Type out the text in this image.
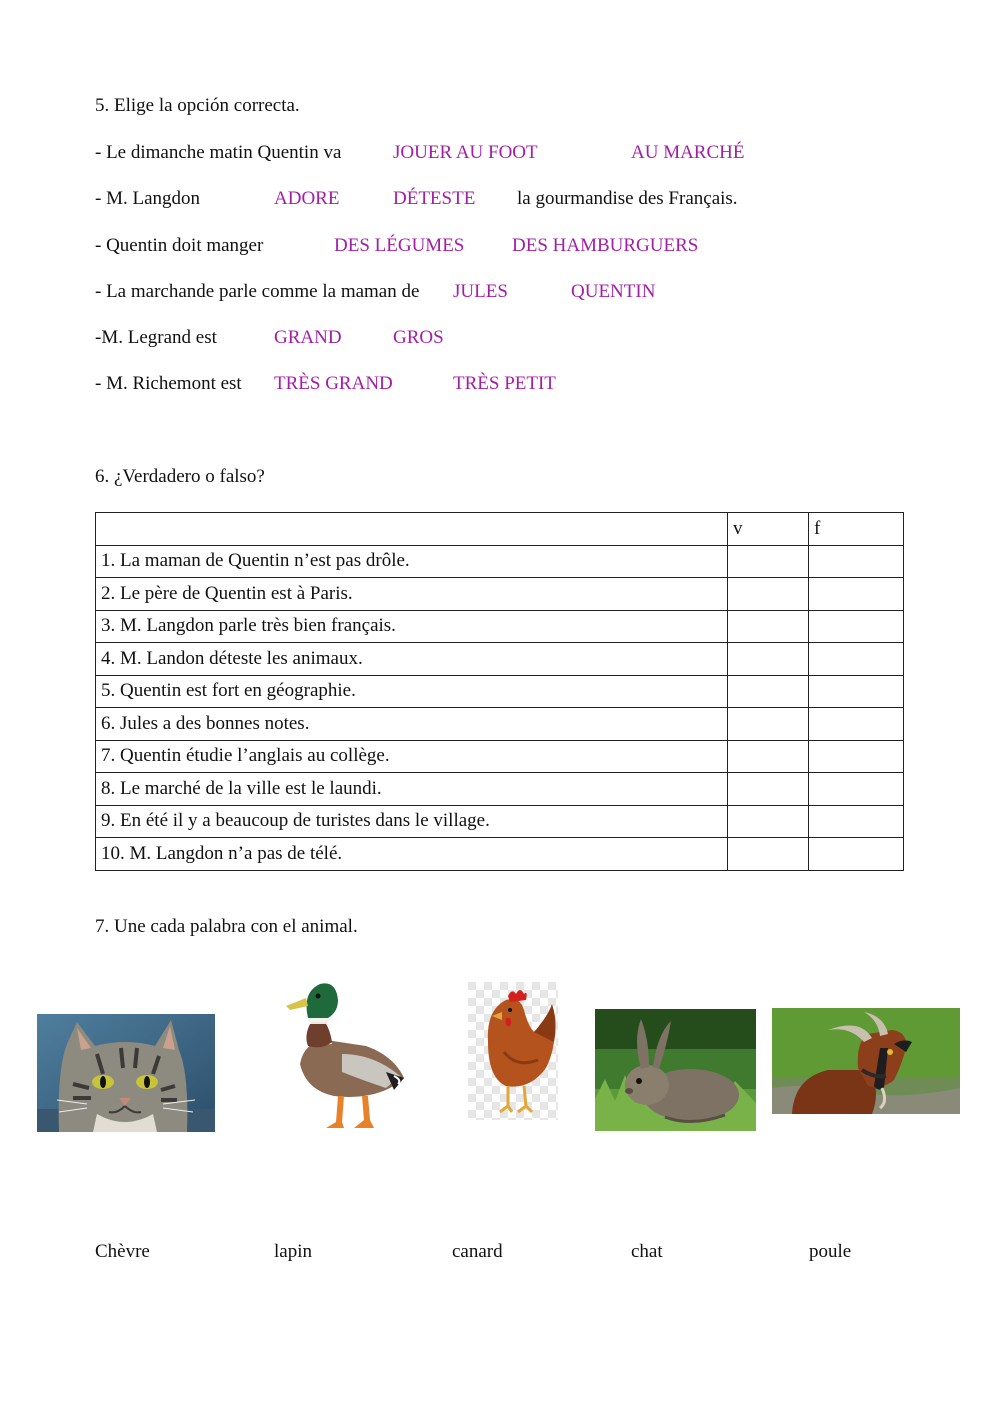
5. Elige la opción correcta.
- Le dimanche matin Quentin va	JOUER AU FOOT	AU MARCHÉ
- M. Langdon	ADORE	DÉTESTE la gourmandise des Français.
- Quentin doit manger	DES LÉGUMES	DES HAMBURGUERS
- La marchande parle comme la maman de JULES	QUENTIN
-M. Legrand est	GRAND	GROS
- M. Richemont est TRÈS GRAND	TRÈS PETIT
6. ¿Verdadero o falso?
	v	f
1. La maman de Quentin n’est pas drôle.		
2. Le père de Quentin est à Paris.		
3. M. Langdon parle très bien français.		
4. M. Landon déteste les animaux.		
5. Quentin est fort en géographie.		
6. Jules a des bonnes notes.		
7. Quentin étudie l’anglais au collège.		
8. Le marché de la ville est le laundi.		
9. En été il y a beaucoup de turistes dans le village.		
10. M. Langdon n’a pas de télé.		
7. Une cada palabra con el animal.
Chèvre	lapin	canard	chat	poule
